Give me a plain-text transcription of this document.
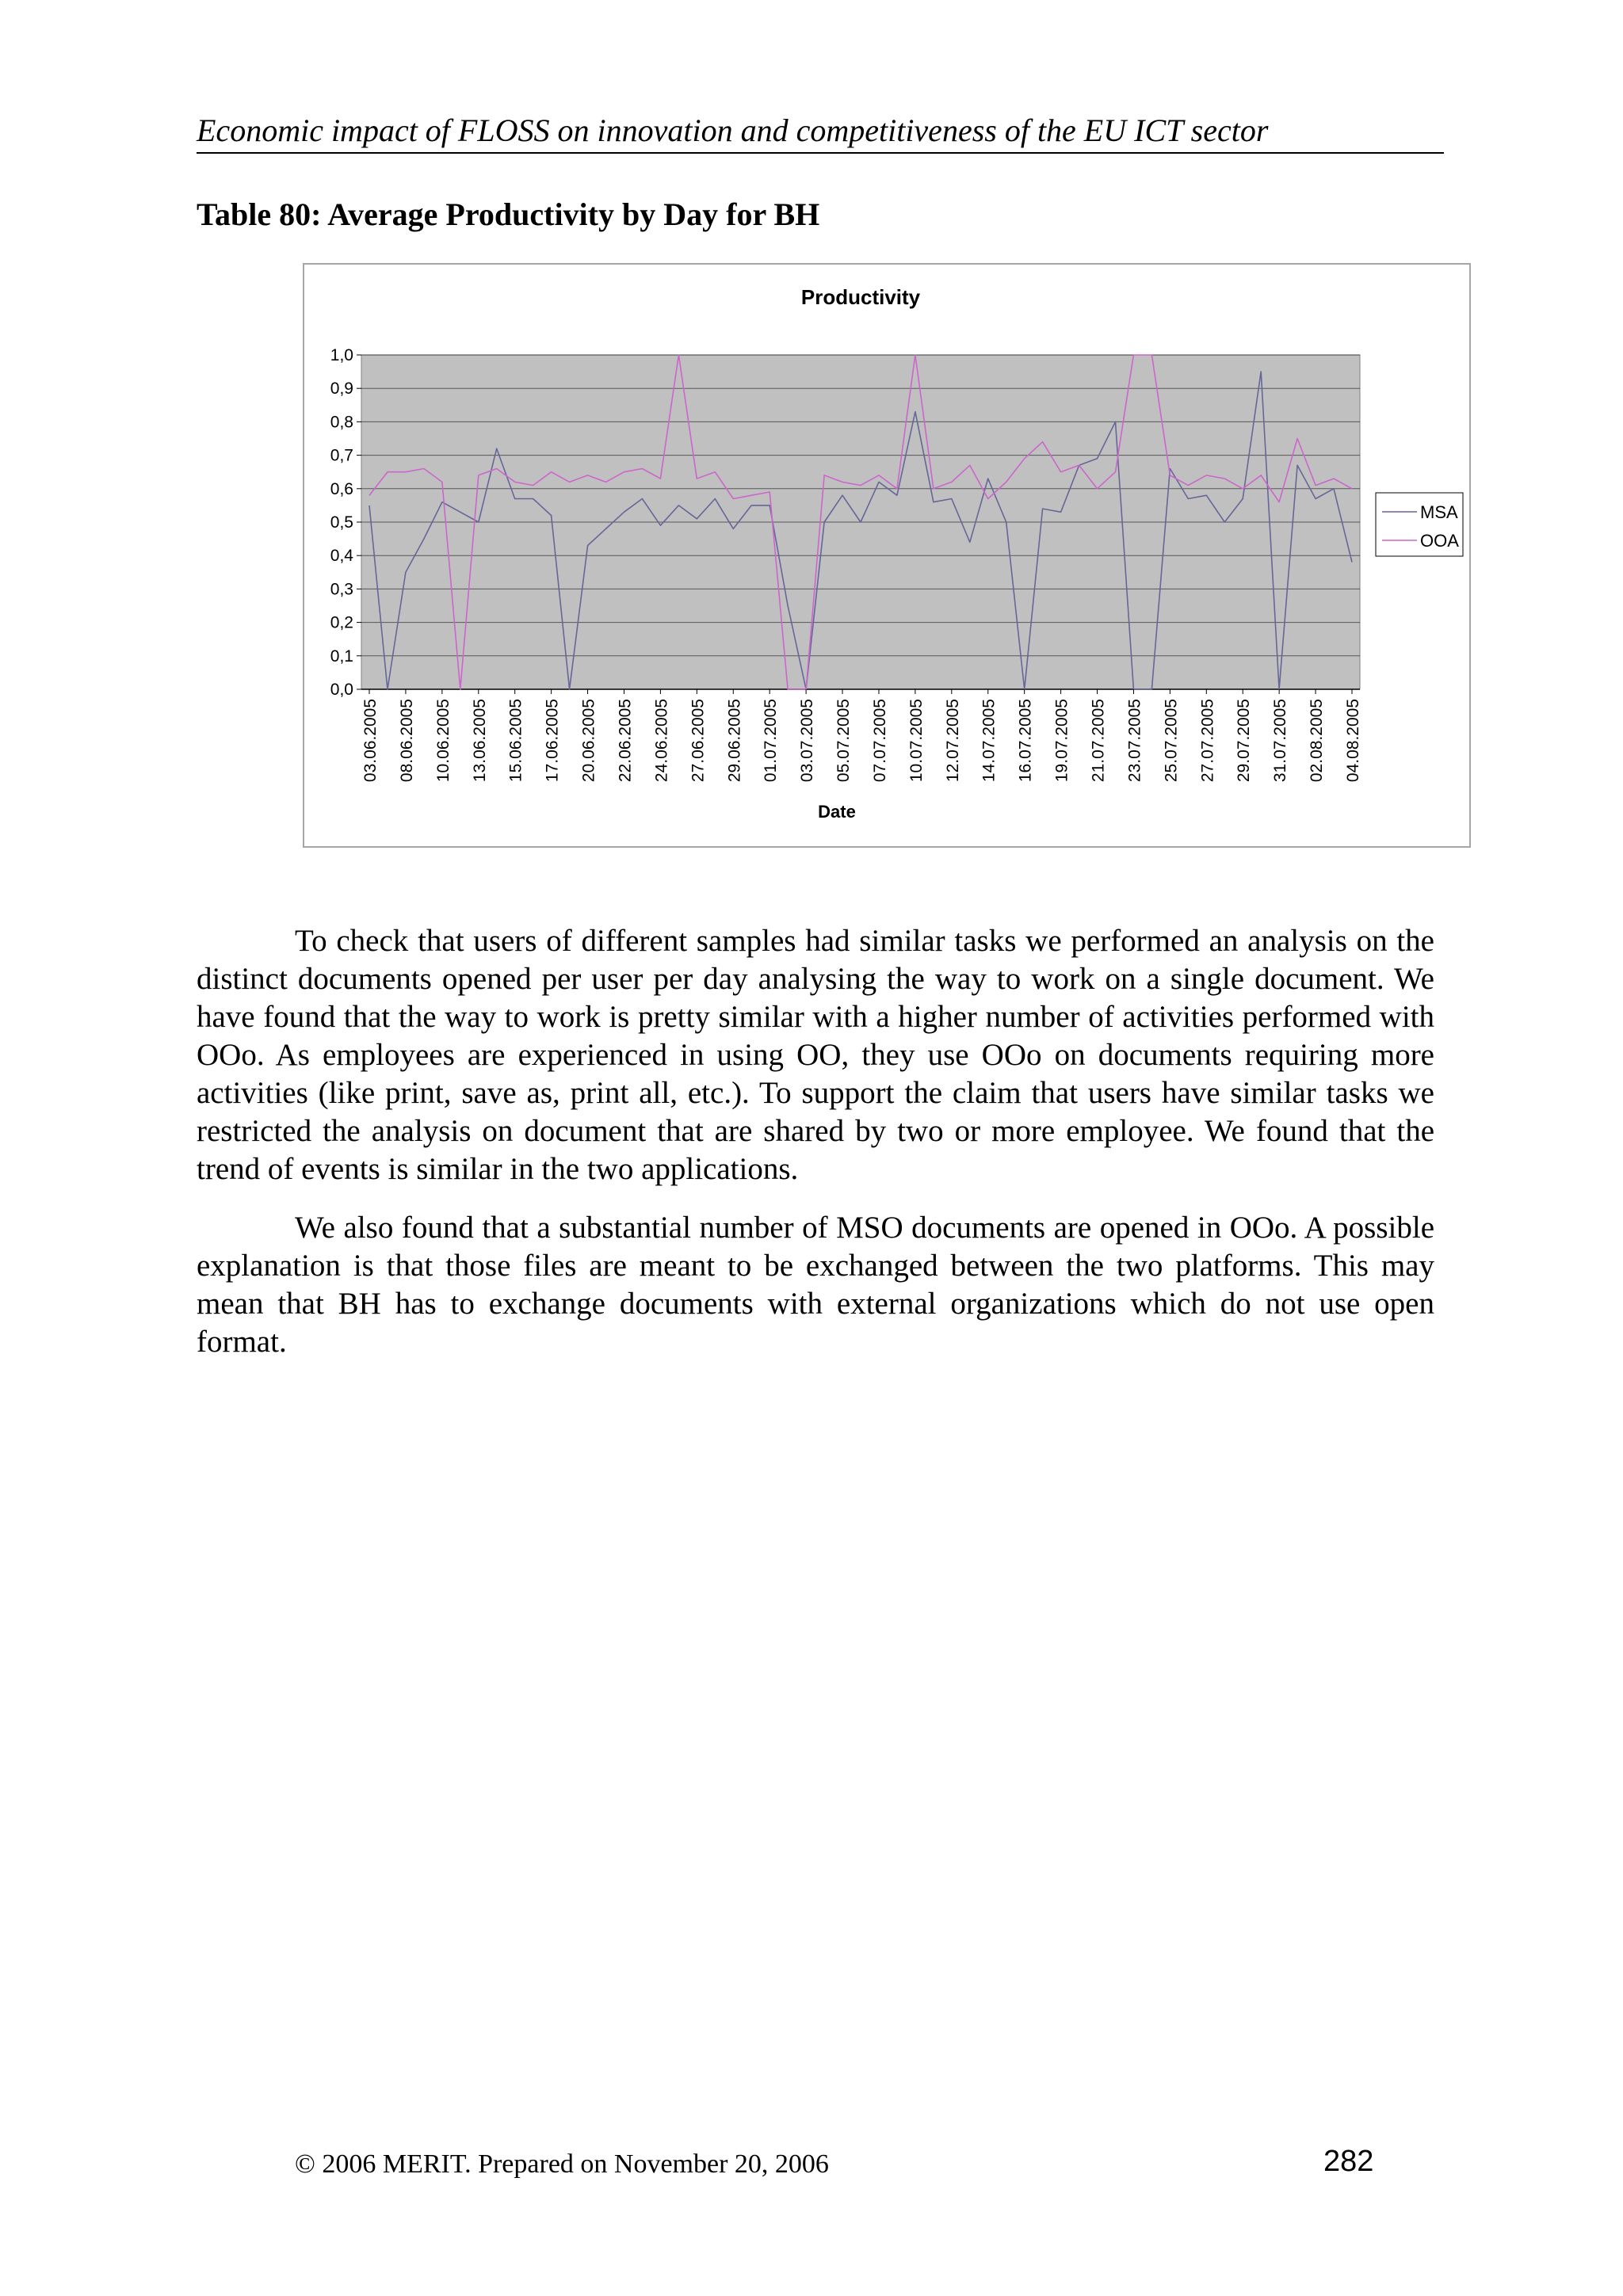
Economic impact of FLOSS on innovation and competitiveness of the EU ICT sector
Table 80: Average Productivity by Day for BH
Productivity
0,0
0,1
0,2
0,3
0,4
0,5
0,6
0,7
0,8
0,9
1,0
03.06.2005 08.06.2005 10.06.2005 13.06.2005 15.06.2005 17.06.2005 20.06.2005 22.06.2005 24.06.2005 27.06.2005 29.06.2005 01.07.2005 03.07.2005 05.07.2005 07.07.2005 10.07.2005 12.07.2005 14.07.2005 16.07.2005 19.07.2005 21.07.2005 23.07.2005 25.07.2005 27.07.2005 29.07.2005 31.07.2005 02.08.2005 04.08.2005
Date
MSA
OOA

To check that users of different samples had similar tasks we performed an analysis on the distinct documents opened per user per day analysing the way to work on a single document. We have found that the way to work is pretty similar with a higher number of activities performed with OOo. As employees are experienced in using OO, they use OOo on documents requiring more activities (like print, save as, print all, etc.). To support the claim that users have similar tasks we restricted the analysis on document that are shared by two or more employee. We found that the trend of events is similar in the two applications.

We also found that a substantial number of MSO documents are opened in OOo. A possible explanation is that those files are meant to be exchanged between the two platforms. This may mean that BH has to exchange documents with external organizations which do not use open format.

© 2006 MERIT. Prepared on November 20, 2006	282
